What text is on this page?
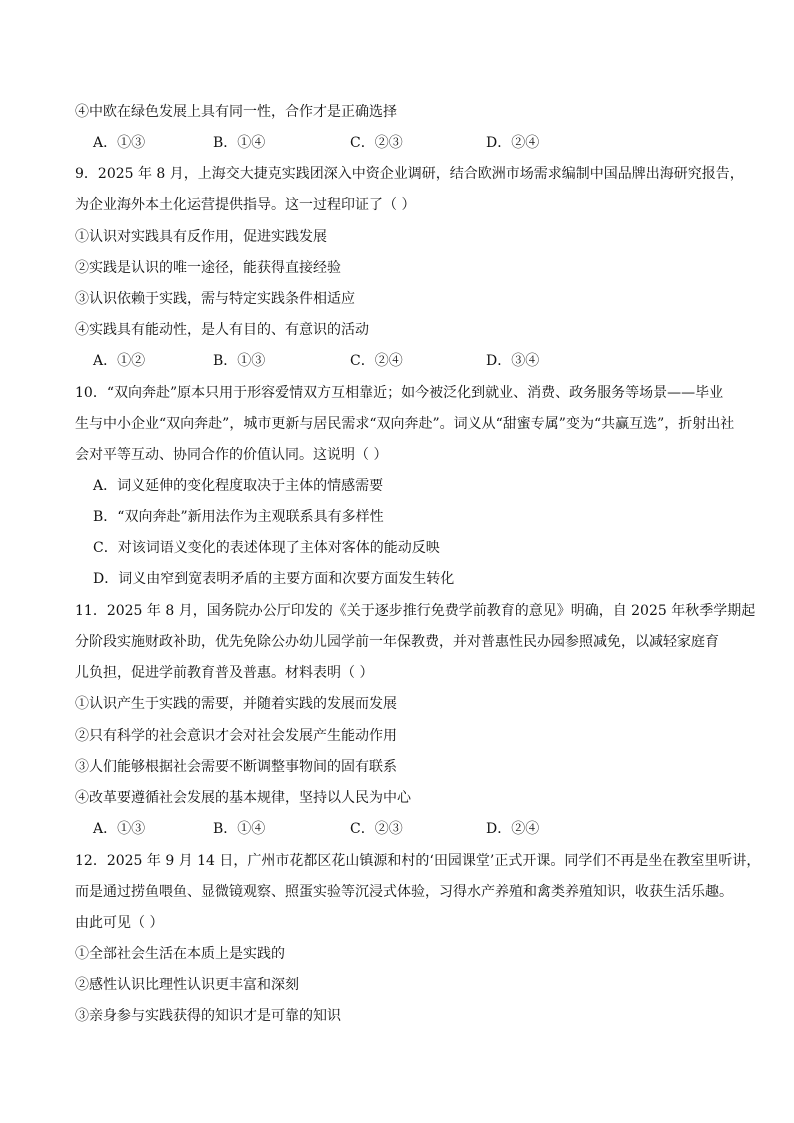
④中欧在绿色发展上具有同一性，合作才是正确选择
A．①③	B．①④	C．②③	D．②④
9．2025 年 8 月，上海交大捷克实践团深入中资企业调研，结合欧洲市场需求编制中国品牌出海研究报告，
为企业海外本土化运营提供指导。这一过程印证了（ ）
①认识对实践具有反作用，促进实践发展
②实践是认识的唯一途径，能获得直接经验
③认识依赖于实践，需与特定实践条件相适应
④实践具有能动性，是人有目的、有意识的活动
A．①②	B．①③	C．②④	D．③④
10．“双向奔赴”原本只用于形容爱情双方互相靠近；如今被泛化到就业、消费、政务服务等场景——毕业
生与中小企业“双向奔赴”，城市更新与居民需求“双向奔赴”。词义从“甜蜜专属”变为“共赢互选”，折射出社
会对平等互动、协同合作的价值认同。这说明（ ）
A．词义延伸的变化程度取决于主体的情感需要
B．“双向奔赴”新用法作为主观联系具有多样性
C．对该词语义变化的表述体现了主体对客体的能动反映
D．词义由窄到宽表明矛盾的主要方面和次要方面发生转化
11．2025 年 8 月，国务院办公厅印发的《关于逐步推行免费学前教育的意见》明确，自 2025 年秋季学期起
分阶段实施财政补助，优先免除公办幼儿园学前一年保教费，并对普惠性民办园参照减免，以减轻家庭育
儿负担，促进学前教育普及普惠。材料表明（ ）
①认识产生于实践的需要，并随着实践的发展而发展
②只有科学的社会意识才会对社会发展产生能动作用
③人们能够根据社会需要不断调整事物间的固有联系
④改革要遵循社会发展的基本规律，坚持以人民为中心
A．①③	B．①④	C．②③	D．②④
12．2025 年 9 月 14 日，广州市花都区花山镇源和村的‘田园课堂’正式开课。同学们不再是坐在教室里听讲，
而是通过捞鱼喂鱼、显微镜观察、照蛋实验等沉浸式体验，习得水产养殖和禽类养殖知识，收获生活乐趣。
由此可见（ ）
①全部社会生活在本质上是实践的
②感性认识比理性认识更丰富和深刻
③亲身参与实践获得的知识才是可靠的知识
